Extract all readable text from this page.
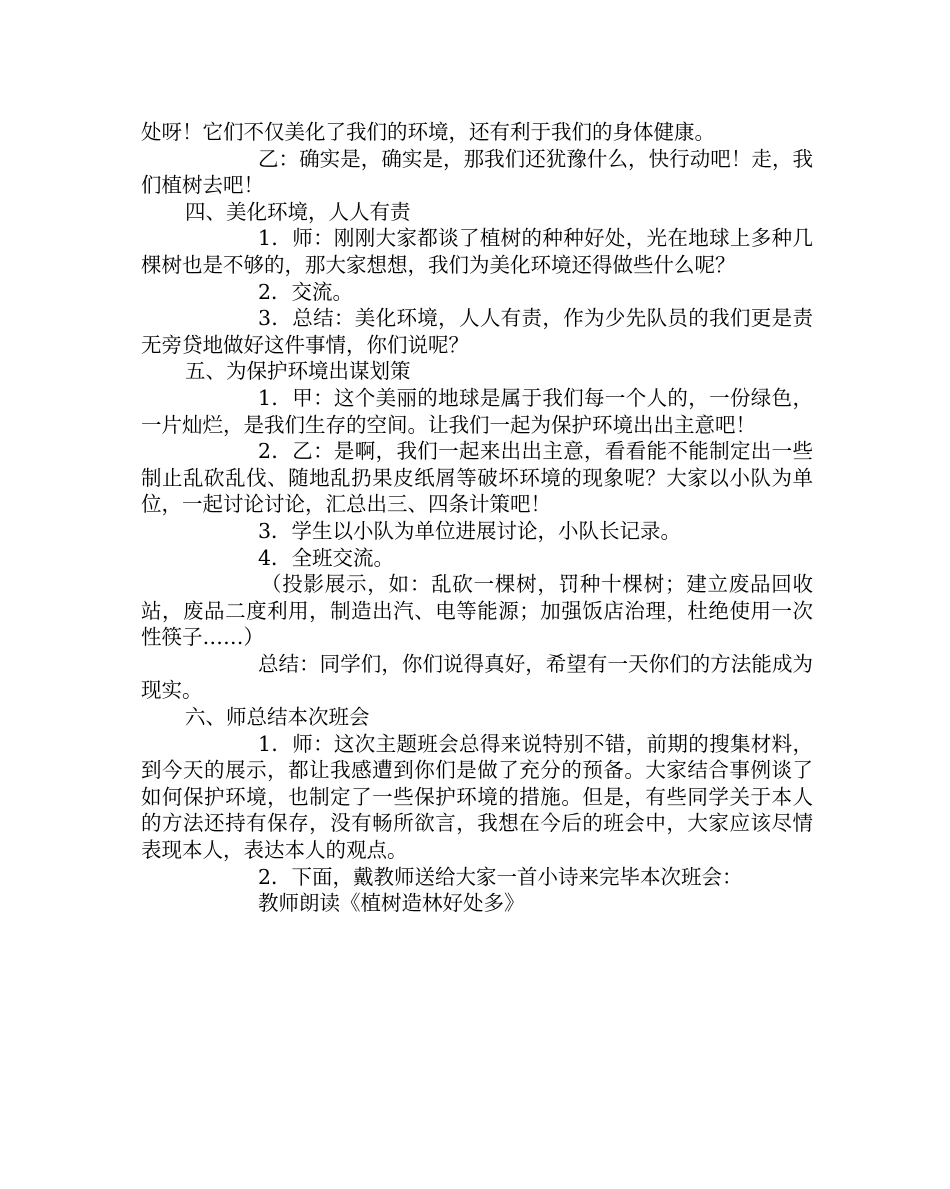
处呀！它们不仅美化了我们的环境，还有利于我们的身体健康。

乙：确实是，确实是，那我们还犹豫什么，快行动吧！走，我们植树去吧！

四、美化环境，人人有责

1．师：刚刚大家都谈了植树的种种好处，光在地球上多种几棵树也是不够的，那大家想想，我们为美化环境还得做些什么呢？

2．交流。

3．总结：美化环境，人人有责，作为少先队员的我们更是责无旁贷地做好这件事情，你们说呢？

五、为保护环境出谋划策

1．甲：这个美丽的地球是属于我们每一个人的，一份绿色，一片灿烂，是我们生存的空间。让我们一起为保护环境出出主意吧！

2．乙：是啊，我们一起来出出主意，看看能不能制定出一些制止乱砍乱伐、随地乱扔果皮纸屑等破坏环境的现象呢？大家以小队为单位，一起讨论讨论，汇总出三、四条计策吧！

3．学生以小队为单位进展讨论，小队长记录。

4．全班交流。

（投影展示，如：乱砍一棵树，罚种十棵树；建立废品回收站，废品二度利用，制造出汽、电等能源；加强饭店治理，杜绝使用一次性筷子……）

总结：同学们，你们说得真好，希望有一天你们的方法能成为现实。

六、师总结本次班会

1．师：这次主题班会总得来说特别不错，前期的搜集材料，到今天的展示，都让我感遭到你们是做了充分的预备。大家结合事例谈了如何保护环境，也制定了一些保护环境的措施。但是，有些同学关于本人的方法还持有保存，没有畅所欲言，我想在今后的班会中，大家应该尽情表现本人，表达本人的观点。

2．下面，戴教师送给大家一首小诗来完毕本次班会：

教师朗读《植树造林好处多》
